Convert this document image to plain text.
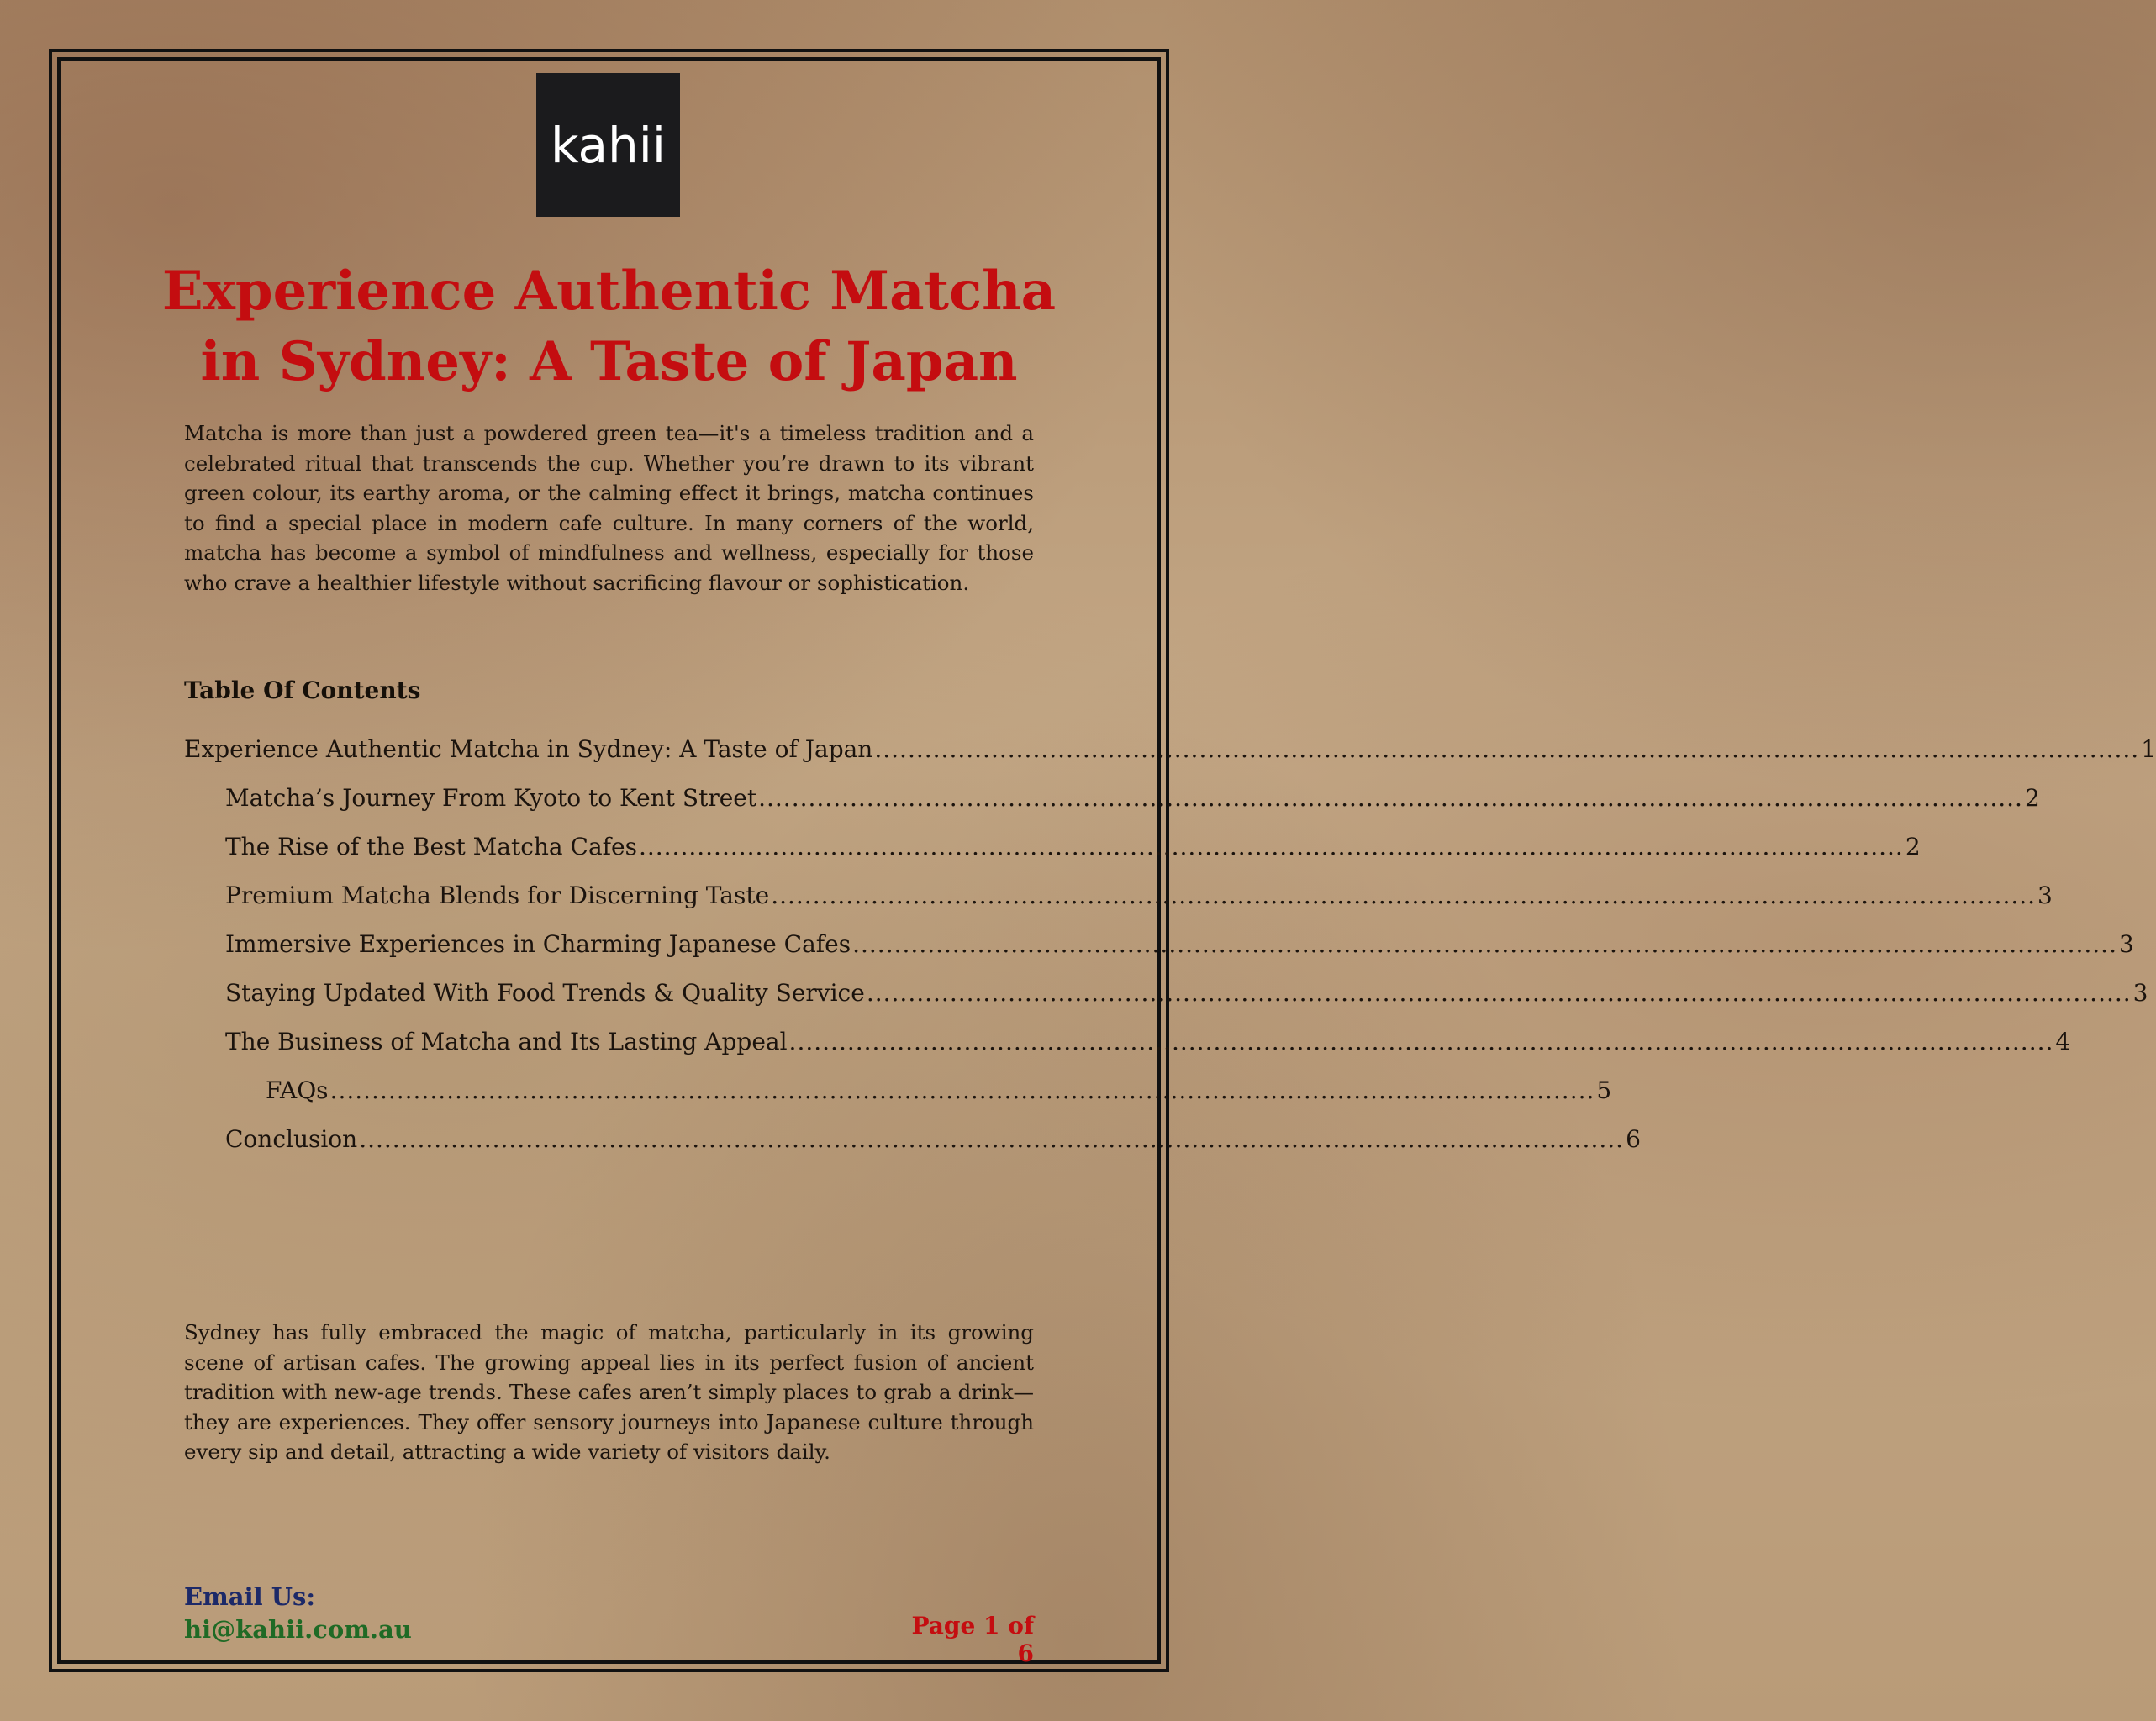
kahii
Experience Authentic Matcha in Sydney: A Taste of Japan

Matcha is more than just a powdered green tea—it's a timeless tradition and a celebrated ritual that transcends the cup. Whether you’re drawn to its vibrant green colour, its earthy aroma, or the calming effect it brings, matcha continues to find a special place in modern cafe culture. In many corners of the world, matcha has become a symbol of mindfulness and wellness, especially for those who crave a healthier lifestyle without sacrificing flavour or sophistication.

Table Of Contents
Experience Authentic Matcha in Sydney: A Taste of Japan ........................................................................................................................................................ 1
Matcha’s Journey From Kyoto to Kent Street ........................................................................................................................................................ 2
The Rise of the Best Matcha Cafes ........................................................................................................................................................ 2
Premium Matcha Blends for Discerning Taste ........................................................................................................................................................ 3
Immersive Experiences in Charming Japanese Cafes ........................................................................................................................................................ 3
Staying Updated With Food Trends & Quality Service ........................................................................................................................................................ 3
The Business of Matcha and Its Lasting Appeal ........................................................................................................................................................ 4
FAQs ........................................................................................................................................................ 5
Conclusion ........................................................................................................................................................ 6

Sydney has fully embraced the magic of matcha, particularly in its growing scene of artisan cafes. The growing appeal lies in its perfect fusion of ancient tradition with new-age trends. These cafes aren’t simply places to grab a drink—they are experiences. They offer sensory journeys into Japanese culture through every sip and detail, attracting a wide variety of visitors daily.

Email Us:

hi@kahii.com.au	Page 1 of 6
